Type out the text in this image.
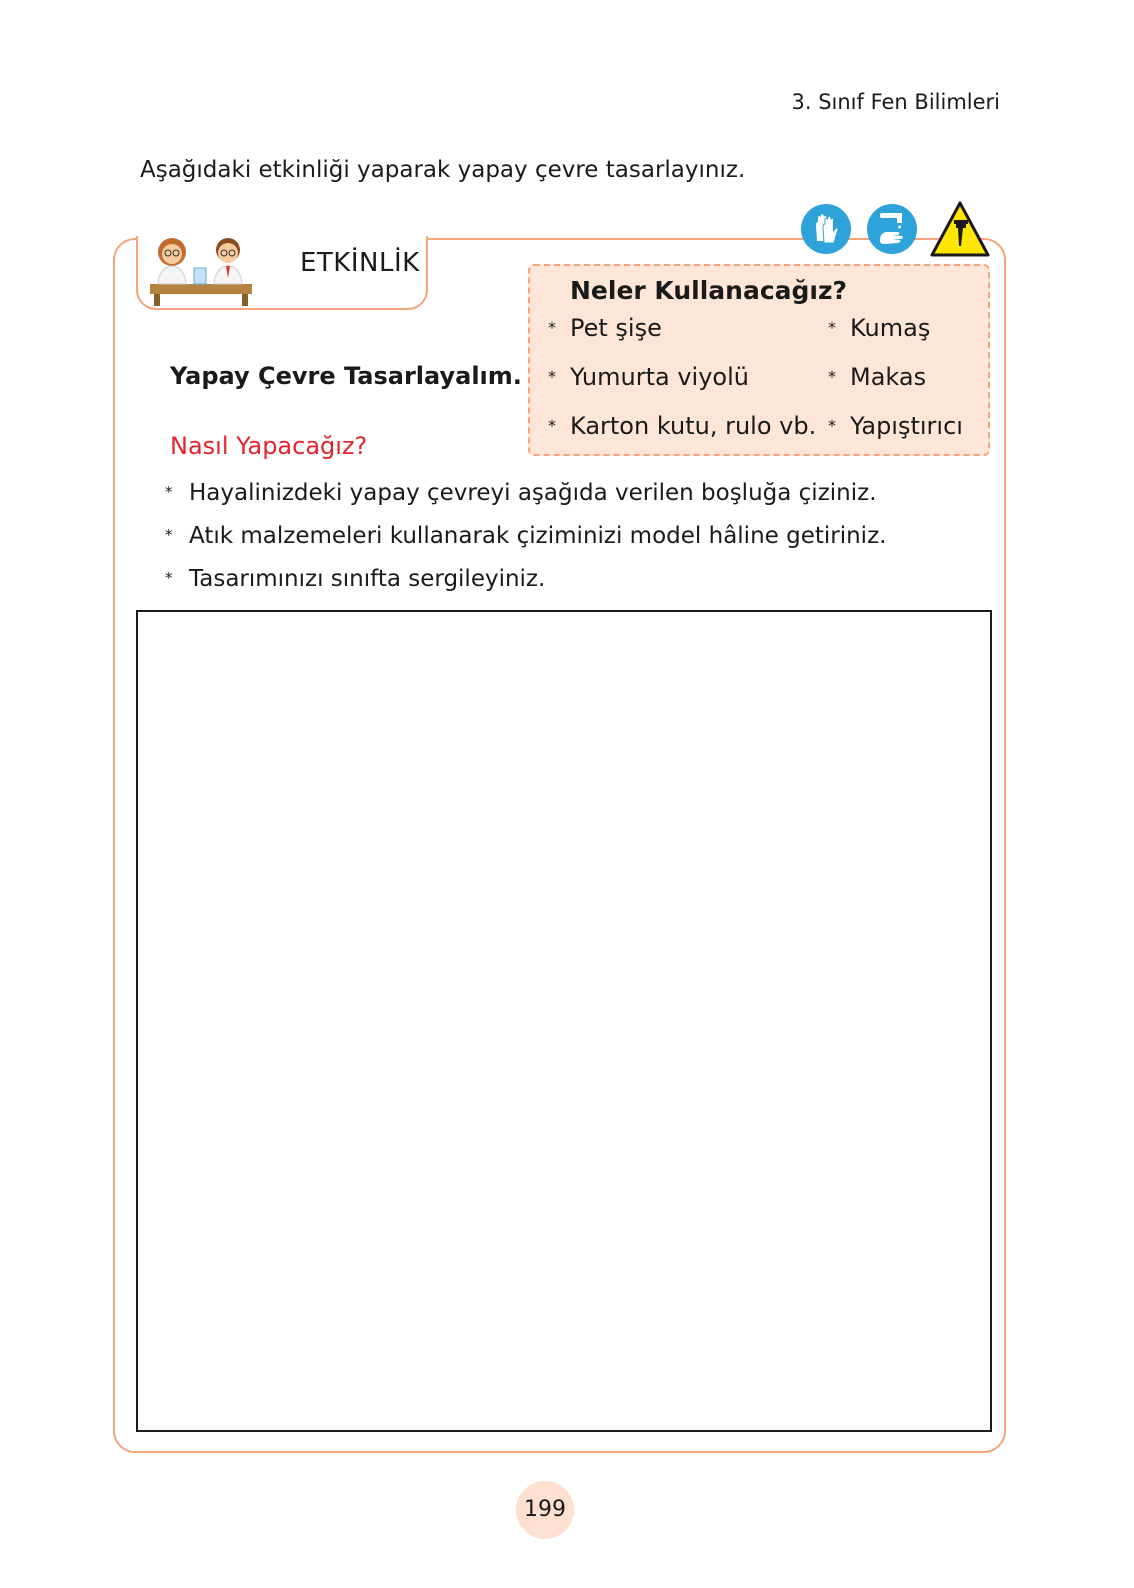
3. Sınıf Fen Bilimleri
Aşağıdaki etkinliği yaparak yapay çevre tasarlayınız.
ETKİNLİK
Neler Kullanacağız?
* Pet şişe
* Yumurta viyolü
* Karton kutu, rulo vb.
* Kumaş
* Makas
* Yapıştırıcı
Yapay Çevre Tasarlayalım.
Nasıl Yapacağız?
* Hayalinizdeki yapay çevreyi aşağıda verilen boşluğa çiziniz.
* Atık malzemeleri kullanarak çiziminizi model hâline getiriniz.
* Tasarımınızı sınıfta sergileyiniz.
199
